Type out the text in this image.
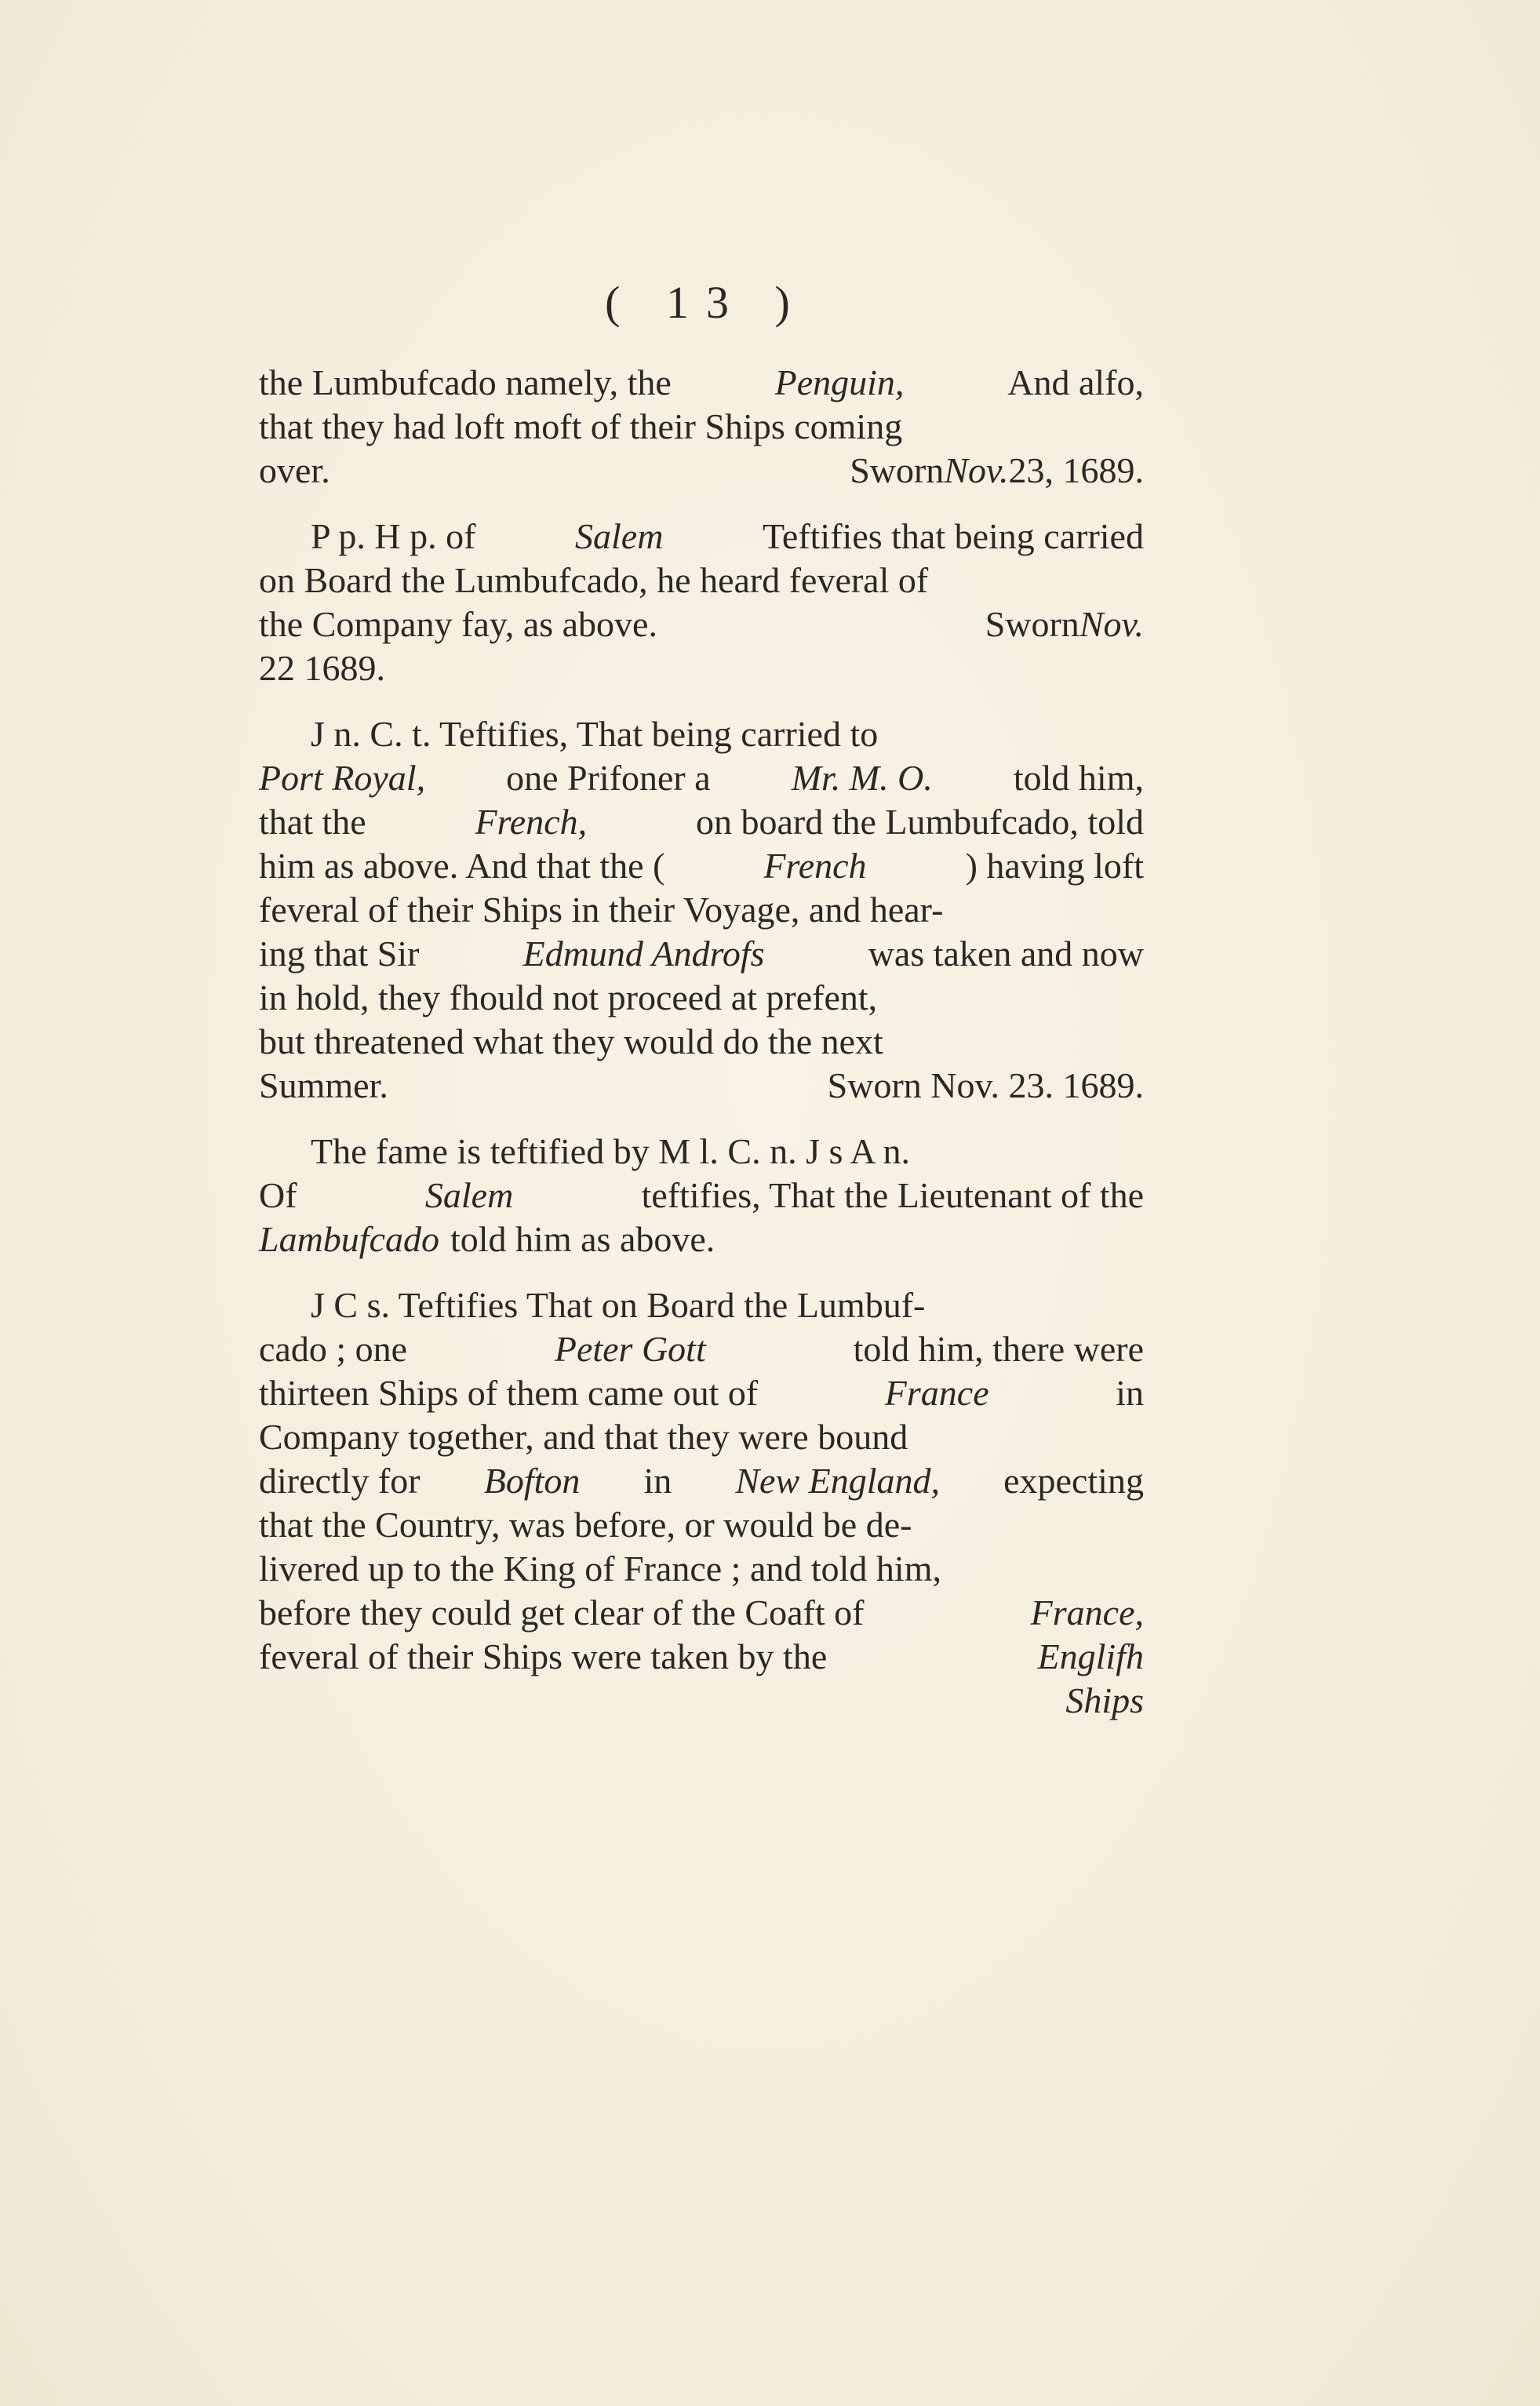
( 13 )
the Lumbufcado namely, the	Penguin,	And alfo,
that they had loft moft of their Ships coming
over.	Sworn Nov. 23, 1689.
P p. H p. of	Salem	Teftifies that being carried
on Board the Lumbufcado, he heard feveral of
the Company fay, as above.	Sworn Nov.
22 1689.
J n. C. t. Teftifies, That being carried to
Port Royal, one Prifoner a Mr. M. O. told him,
that the	French,	on board the Lumbufcado, told
him as above. And that the (	French	) having loft
feveral of their Ships in their Voyage, and hear-
ing that Sir	Edmund Androfs	was taken and now
in hold, they fhould not proceed at prefent,
but threatened what they would do the next
Summer.	Sworn Nov. 23. 1689.
The fame is teftified by M l. C. n. J s A n.
Of	Salem	teftifies, That the Lieutenant of the
Lambufcado told him as above.
J C s. Teftifies That on Board the Lumbuf-
cado ; one	Peter Gott	told him, there were
thirteen Ships of them came out of	France	in
Company together, and that they were bound
directly for Bofton in New England, expecting
that the Country, was before, or would be de-
livered up to the King of France ; and told him,
before they could get clear of the Coaft of	France,
feveral of their Ships were taken by the	Englifh
Ships
